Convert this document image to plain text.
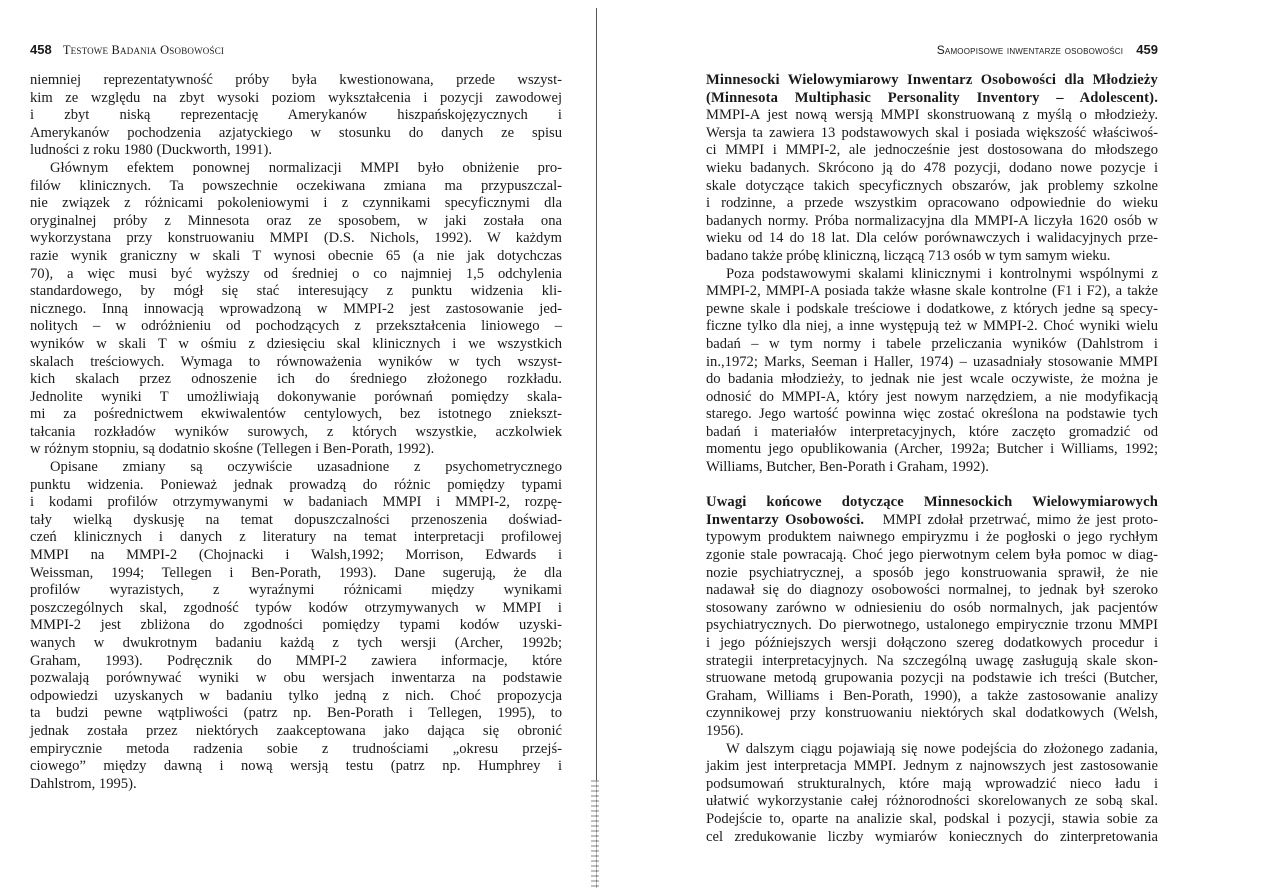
458 Testowe Badania Osobowości
niemniej reprezentatywność próby była kwestionowana, przede wszyst-
kim ze względu na zbyt wysoki poziom wykształcenia i pozycji zawodowej
i zbyt niską reprezentację Amerykanów hiszpańskojęzycznych i
Amerykanów pochodzenia azjatyckiego w stosunku do danych ze spisu
ludności z roku 1980 (Duckworth, 1991).
Głównym efektem ponownej normalizacji MMPI było obniżenie pro-
filów klinicznych. Ta powszechnie oczekiwana zmiana ma przypuszczal-
nie związek z różnicami pokoleniowymi i z czynnikami specyficznymi dla
oryginalnej próby z Minnesota oraz ze sposobem, w jaki została ona
wykorzystana przy konstruowaniu MMPI (D.S. Nichols, 1992). W każdym
razie wynik graniczny w skali T wynosi obecnie 65 (a nie jak dotychczas
70), a więc musi być wyższy od średniej o co najmniej 1,5 odchylenia
standardowego, by mógł się stać interesujący z punktu widzenia kli-
nicznego. Inną innowacją wprowadzoną w MMPI-2 jest zastosowanie jed-
nolitych – w odróżnieniu od pochodzących z przekształcenia liniowego –
wyników w skali T w ośmiu z dziesięciu skal klinicznych i we wszystkich
skalach treściowych. Wymaga to równoważenia wyników w tych wszyst-
kich skalach przez odnoszenie ich do średniego złożonego rozkładu.
Jednolite wyniki T umożliwiają dokonywanie porównań pomiędzy skala-
mi za pośrednictwem ekwiwalentów centylowych, bez istotnego zniekszt-
tałcania rozkładów wyników surowych, z których wszystkie, aczkolwiek
w różnym stopniu, są dodatnio skośne (Tellegen i Ben-Porath, 1992).
Opisane zmiany są oczywiście uzasadnione z psychometrycznego
punktu widzenia. Ponieważ jednak prowadzą do różnic pomiędzy typami
i kodami profilów otrzymywanymi w badaniach MMPI i MMPI-2, rozpę-
tały wielką dyskusję na temat dopuszczalności przenoszenia doświad-
czeń klinicznych i danych z literatury na temat interpretacji profilowej
MMPI na MMPI-2 (Chojnacki i Walsh,1992; Morrison, Edwards i
Weissman, 1994; Tellegen i Ben-Porath, 1993). Dane sugerują, że dla
profilów wyrazistych, z wyraźnymi różnicami między wynikami
poszczególnych skal, zgodność typów kodów otrzymywanych w MMPI i
MMPI-2 jest zbliżona do zgodności pomiędzy typami kodów uzyski-
wanych w dwukrotnym badaniu każdą z tych wersji (Archer, 1992b;
Graham, 1993). Podręcznik do MMPI-2 zawiera informacje, które
pozwalają porównywać wyniki w obu wersjach inwentarza na podstawie
odpowiedzi uzyskanych w badaniu tylko jedną z nich. Choć propozycja
ta budzi pewne wątpliwości (patrz np. Ben-Porath i Tellegen, 1995), to
jednak została przez niektórych zaakceptowana jako dająca się obronić
empirycznie metoda radzenia sobie z trudnościami „okresu przejś-
ciowego” między dawną i nową wersją testu (patrz np. Humphrey i
Dahlstrom, 1995).
Samoopisowe inwentarze osobowości 459
Minnesocki Wielowymiarowy Inwentarz Osobowości dla Młodzieży
(Minnesota Multiphasic Personality Inventory – Adolescent).
MMPI-A jest nową wersją MMPI skonstruowaną z myślą o młodzieży.
Wersja ta zawiera 13 podstawowych skal i posiada większość właściwoś-
ci MMPI i MMPI-2, ale jednocześnie jest dostosowana do młodszego
wieku badanych. Skrócono ją do 478 pozycji, dodano nowe pozycje i
skale dotyczące takich specyficznych obszarów, jak problemy szkolne
i rodzinne, a przede wszystkim opracowano odpowiednie do wieku
badanych normy. Próba normalizacyjna dla MMPI-A liczyła 1620 osób w
wieku od 14 do 18 lat. Dla celów porównawczych i walidacyjnych prze-
badano także próbę kliniczną, liczącą 713 osób w tym samym wieku.
Poza podstawowymi skalami klinicznymi i kontrolnymi wspólnymi z
MMPI-2, MMPI-A posiada także własne skale kontrolne (F1 i F2), a także
pewne skale i podskale treściowe i dodatkowe, z których jedne są specy-
ficzne tylko dla niej, a inne występują też w MMPI-2. Choć wyniki wielu
badań – w tym normy i tabele przeliczania wyników (Dahlstrom i
in.,1972; Marks, Seeman i Haller, 1974) – uzasadniały stosowanie MMPI
do badania młodzieży, to jednak nie jest wcale oczywiste, że można je
odnosić do MMPI-A, który jest nowym narzędziem, a nie modyfikacją
starego. Jego wartość powinna więc zostać określona na podstawie tych
badań i materiałów interpretacyjnych, które zaczęto gromadzić od
momentu jego opublikowania (Archer, 1992a; Butcher i Williams, 1992;
Williams, Butcher, Ben-Porath i Graham, 1992).
Uwagi końcowe dotyczące Minnesockich Wielowymiarowych
Inwentarzy Osobowości.   MMPI zdołał przetrwać, mimo że jest proto-
typowym produktem naiwnego empiryzmu i że pogłoski o jego rychłym
zgonie stale powracają. Choć jego pierwotnym celem była pomoc w diag-
nozie psychiatrycznej, a sposób jego konstruowania sprawił, że nie
nadawał się do diagnozy osobowości normalnej, to jednak był szeroko
stosowany zarówno w odniesieniu do osób normalnych, jak pacjentów
psychiatrycznych. Do pierwotnego, ustalonego empirycznie trzonu MMPI
i jego późniejszych wersji dołączono szereg dodatkowych procedur i
strategii interpretacyjnych. Na szczególną uwagę zasługują skale skon-
struowane metodą grupowania pozycji na podstawie ich treści (Butcher,
Graham, Williams i Ben-Porath, 1990), a także zastosowanie analizy
czynnikowej przy konstruowaniu niektórych skal dodatkowych (Welsh,
1956).
W dalszym ciągu pojawiają się nowe podejścia do złożonego zadania,
jakim jest interpretacja MMPI. Jednym z najnowszych jest zastosowanie
podsumowań strukturalnych, które mają wprowadzić nieco ładu i
ułatwić wykorzystanie całej różnorodności skorelowanych ze sobą skal.
Podejście to, oparte na analizie skal, podskal i pozycji, stawia sobie za
cel zredukowanie liczby wymiarów koniecznych do zinterpretowania
